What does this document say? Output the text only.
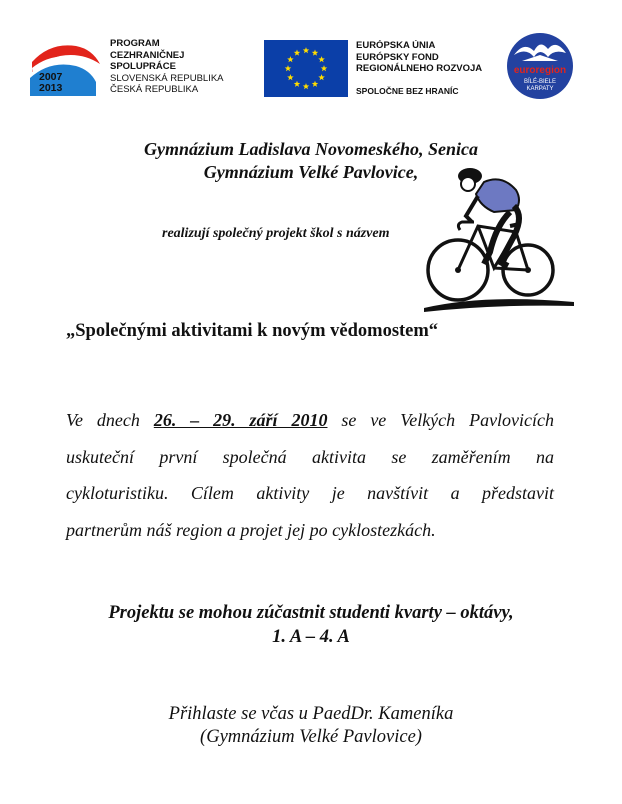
2007
2013
PROGRAM
CEZHRANIČNEJ
SPOLUPRÁCE
SLOVENSKÁ REPUBLIKA
ČESKÁ REPUBLIKA
EURÓPSKA ÚNIA
EURÓPSKY FOND
REGIONÁLNEHO ROZVOJA
SPOLOČNE BEZ HRANÍC
euroregion
BÍLÉ-BIELE
KARPATY
Gymnázium Ladislava Novomeského, Senica
Gymnázium Velké Pavlovice,
realizují společný projekt škol s názvem
„Společnými aktivitami k novým vědomostem“
Ve dnech 26. – 29. září 2010 se ve Velkých Pavlovicích
uskuteční první společná aktivita se zaměřením na
cykloturistiku. Cílem aktivity je navštívit a představit
partnerům náš region a projet jej po cyklostezkách.
Projektu se mohou zúčastnit studenti kvarty – oktávy,
1. A – 4. A
Přihlaste se včas u PaedDr. Kameníka
(Gymnázium Velké Pavlovice)
